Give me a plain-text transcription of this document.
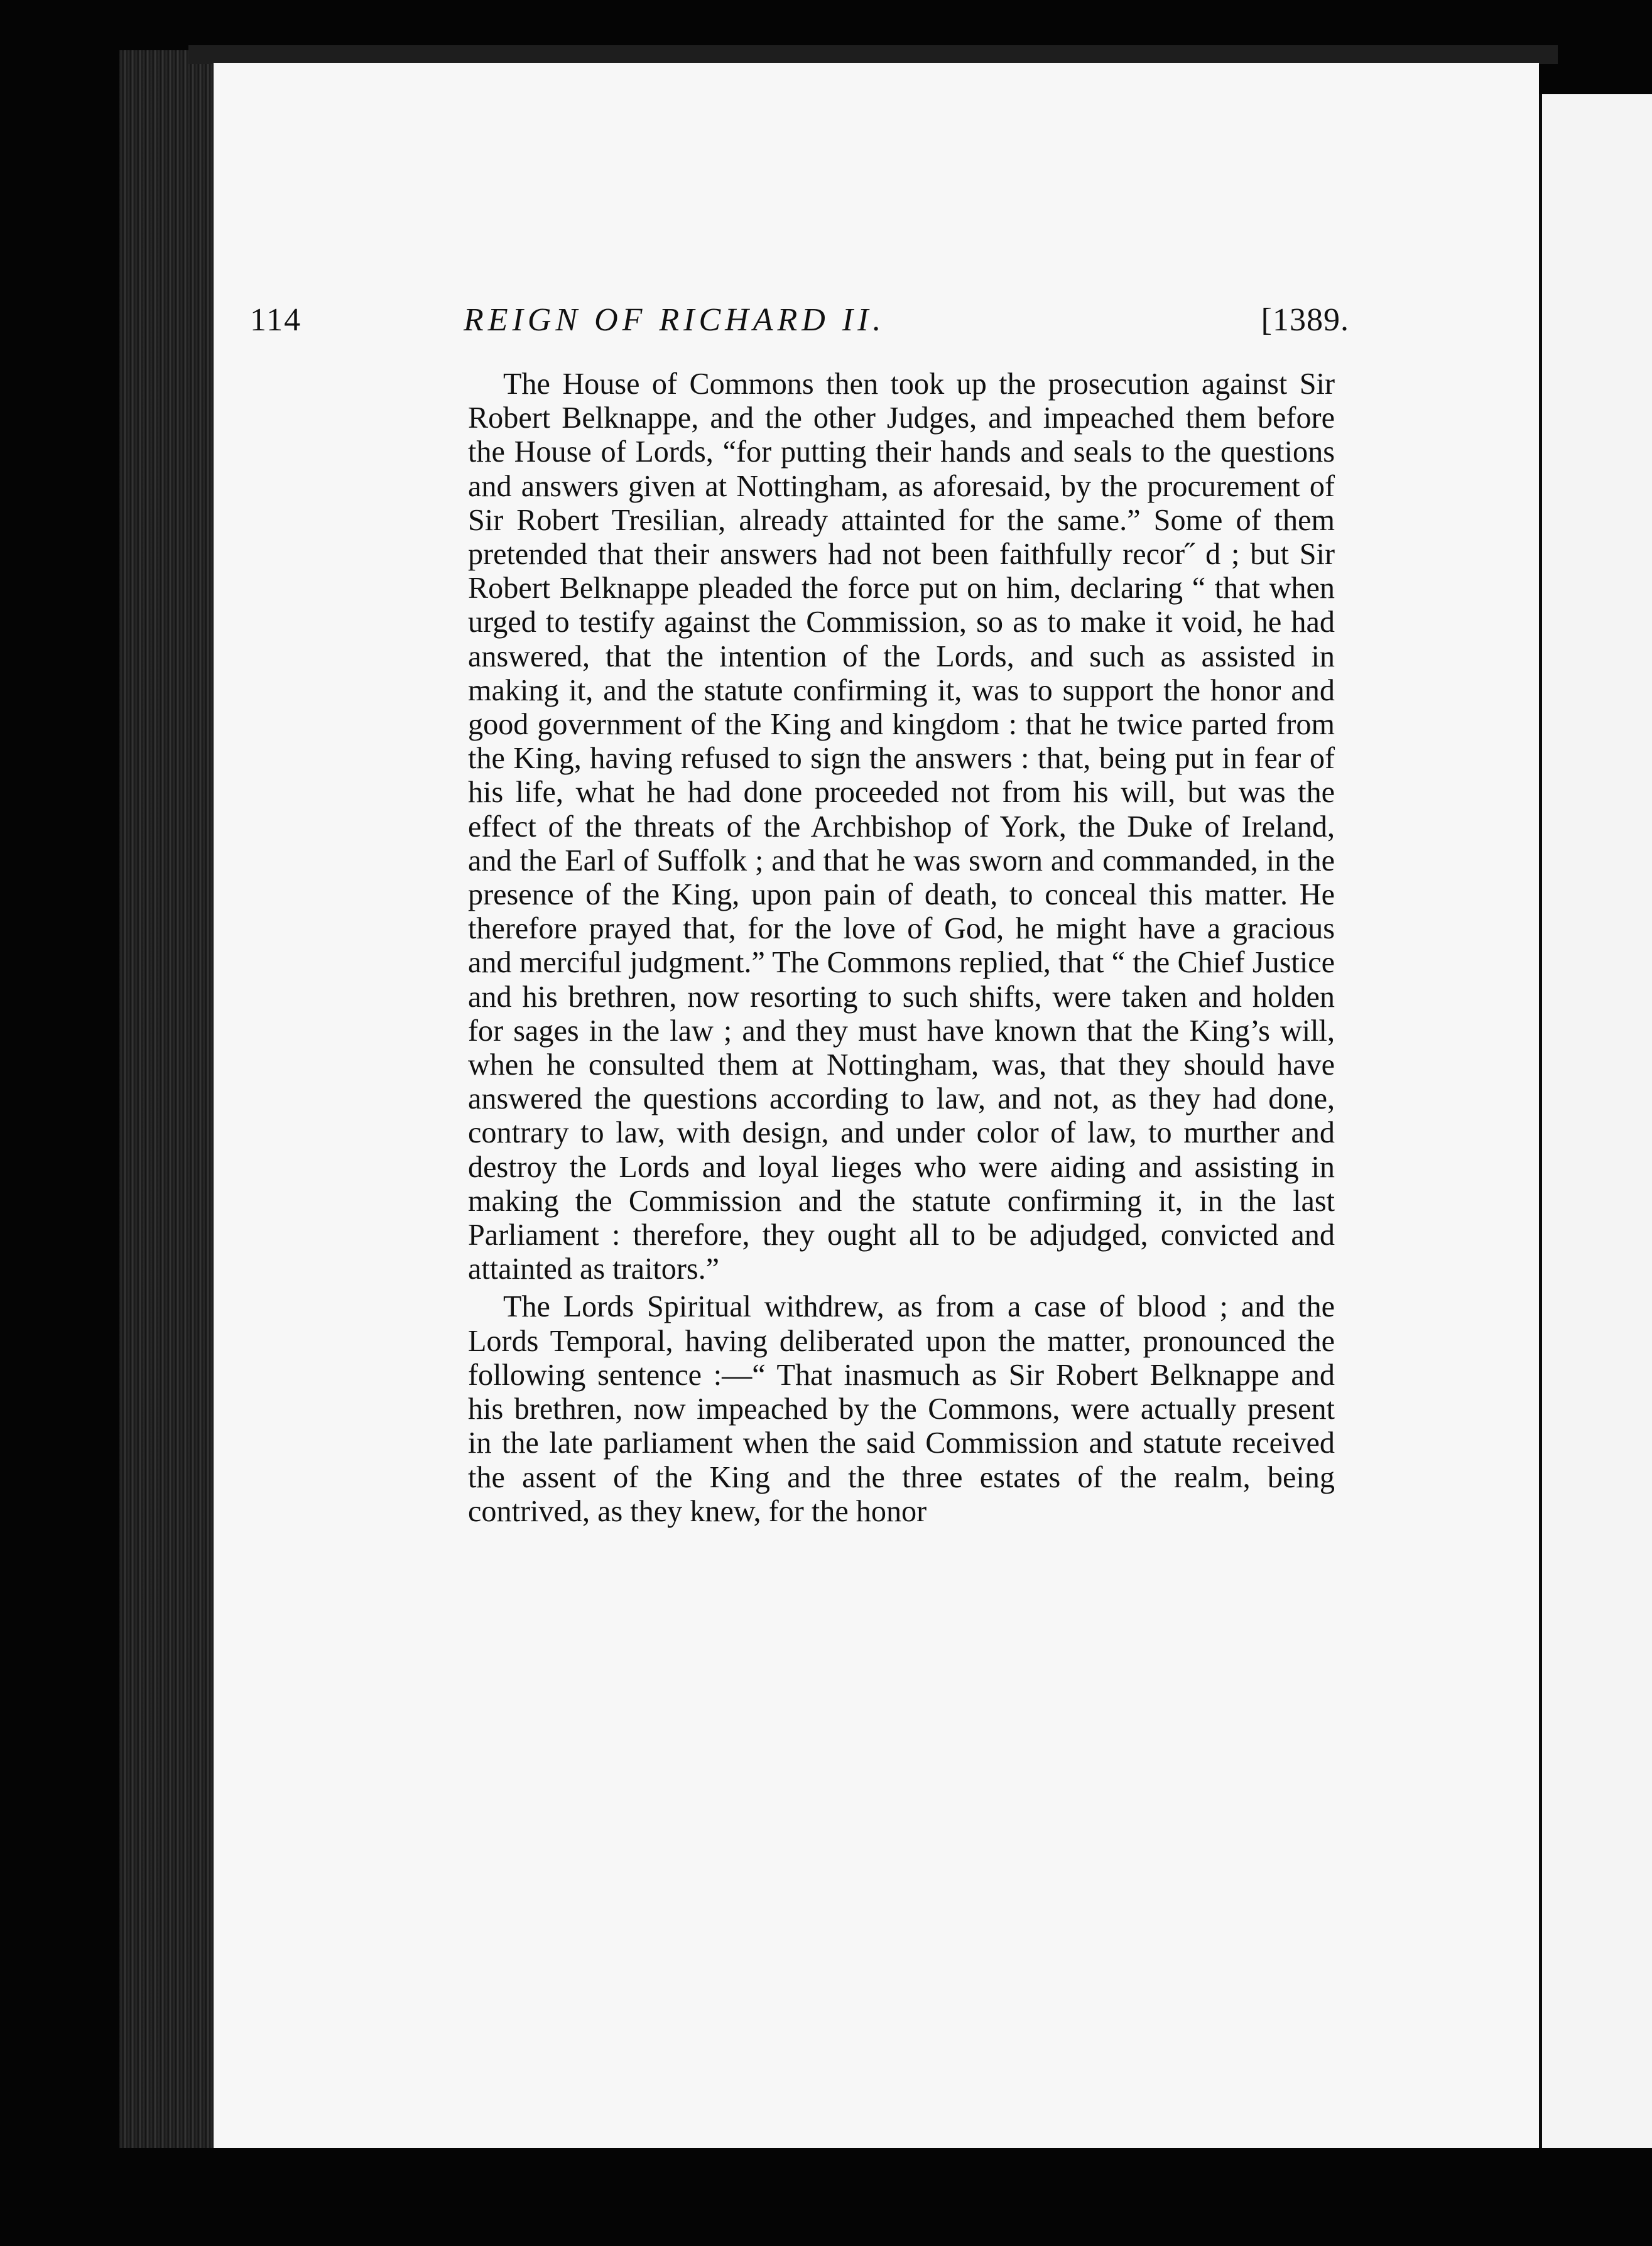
114	REIGN OF RICHARD II.	[1389.

The House of Commons then took up the prosecution against Sir Robert Belknappe, and the other Judges, and impeached them before the House of Lords, “for putting their hands and seals to the questions and answers given at Nottingham, as aforesaid, by the procurement of Sir Robert Tresilian, already attainted for the same.” Some of them pretended that their answers had not been faithfully recor˝ d ; but Sir Robert Belknappe pleaded the force put on him, declaring “ that when urged to testify against the Commission, so as to make it void, he had answered, that the intention of the Lords, and such as assisted in making it, and the statute confirming it, was to support the honor and good government of the King and kingdom : that he twice parted from the King, having refused to sign the answers : that, being put in fear of his life, what he had done proceeded not from his will, but was the effect of the threats of the Archbishop of York, the Duke of Ireland, and the Earl of Suffolk ; and that he was sworn and commanded, in the presence of the King, upon pain of death, to conceal this matter. He therefore prayed that, for the love of God, he might have a gracious and merciful judgment.” The Commons replied, that “ the Chief Justice and his brethren, now resorting to such shifts, were taken and holden for sages in the law ; and they must have known that the King’s will, when he consulted them at Nottingham, was, that they should have answered the questions according to law, and not, as they had done, contrary to law, with design, and under color of law, to murther and destroy the Lords and loyal lieges who were aiding and assisting in making the Commission and the statute confirming it, in the last Parliament : therefore, they ought all to be adjudged, convicted and attainted as traitors.”

The Lords Spiritual withdrew, as from a case of blood ; and the Lords Temporal, having deliberated upon the matter, pronounced the following sentence :—“ That inasmuch as Sir Robert Belknappe and his brethren, now impeached by the Commons, were actually present in the late parliament when the said Commission and statute received the assent of the King and the three estates of the realm, being contrived, as they knew, for the honor
